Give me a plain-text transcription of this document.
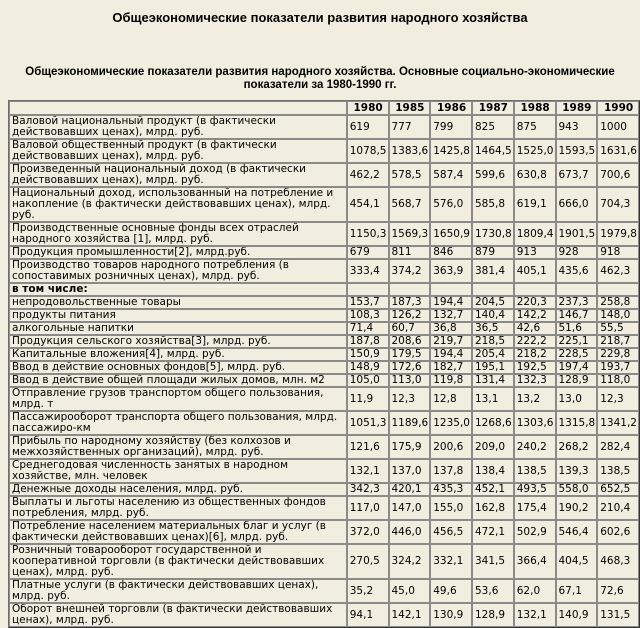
Общеэкономические показатели развития народного хозяйства
Общеэкономические показатели развития народного хозяйства. Основные социально-экономические показатели за 1980-1990 гг.
	1980	1985	1986	1987	1988	1989	1990
Валовой национальный продукт (в фактически действовавших ценах), млрд. руб.	619	777	799	825	875	943	1000
Валовой общественный продукт (в фактически действовавших ценах), млрд. руб.	1078,5	1383,6	1425,8	1464,5	1525,0	1593,5	1631,6
Произведенный национальный доход (в фактически действовавших ценах), млрд. руб.	462,2	578,5	587,4	599,6	630,8	673,7	700,6
Национальный доход, использованный на потребление и накопление (в фактически действовавших ценах), млрд. руб.	454,1	568,7	576,0	585,8	619,1	666,0	704,3
Производственные основные фонды всех отраслей народного хозяйства [1], млрд. руб.	1150,3	1569,3	1650,9	1730,8	1809,4	1901,5	1979,8
Продукция промышленности[2], млрд.руб.	679	811	846	879	913	928	918
Производство товаров народного потребления (в сопоставимых розничных ценах), млрд. руб.	333,4	374,2	363,9	381,4	405,1	435,6	462,3
в том числе:							
непродовольственные товары	153,7	187,3	194,4	204,5	220,3	237,3	258,8
продукты питания	108,3	126,2	132,7	140,4	142,2	146,7	148,0
алкогольные напитки	71,4	60,7	36,8	36,5	42,6	51,6	55,5
Продукция сельского хозяйства[3], млрд. руб.	187,8	208,6	219,7	218,5	222,2	225,1	218,7
Капитальные вложения[4], млрд. руб.	150,9	179,5	194,4	205,4	218,2	228,5	229,8
Ввод в действие основных фондов[5], млрд. руб.	148,9	172,6	182,7	195,1	192,5	197,4	193,7
Ввод в действие общей площади жилых домов, млн. м2	105,0	113,0	119,8	131,4	132,3	128,9	118,0
Отправление грузов транспортом общего пользования, млрд. т	11,9	12,3	12,8	13,1	13,2	13,0	12,3
Пассажирооборот транспорта общего пользования, млрд. пассажиро-км	1051,3	1189,6	1235,0	1268,6	1303,6	1315,8	1341,2
Прибыль по народному хозяйству (без колхозов и межхозяйственных организаций), млрд. руб.	121,6	175,9	200,6	209,0	240,2	268,2	282,4
Среднегодовая численность занятых в народном хозяйстве, млн. человек	132,1	137,0	137,8	138,4	138,5	139,3	138,5
Денежные доходы населения, млрд. руб.	342,3	420,1	435,3	452,1	493,5	558,0	652,5
Выплаты и льготы населению из общественных фондов потребления, млрд. руб.	117,0	147,0	155,0	162,8	175,4	190,2	210,4
Потребление населением материальных благ и услуг (в фактически действовавших ценах)[6], млрд. руб.	372,0	446,0	456,5	472,1	502,9	546,4	602,6
Розничный товарооборот государственной и кооперативной торговли (в фактически действовавших ценах), млрд. руб.	270,5	324,2	332,1	341,5	366,4	404,5	468,3
Платные услуги (в фактически действовавших ценах), млрд. руб.	35,2	45,0	49,6	53,6	62,0	67,1	72,6
Оборот внешней торговли (в фактически действовавших ценах), млрд. руб.	94,1	142,1	130,9	128,9	132,1	140,9	131,5
